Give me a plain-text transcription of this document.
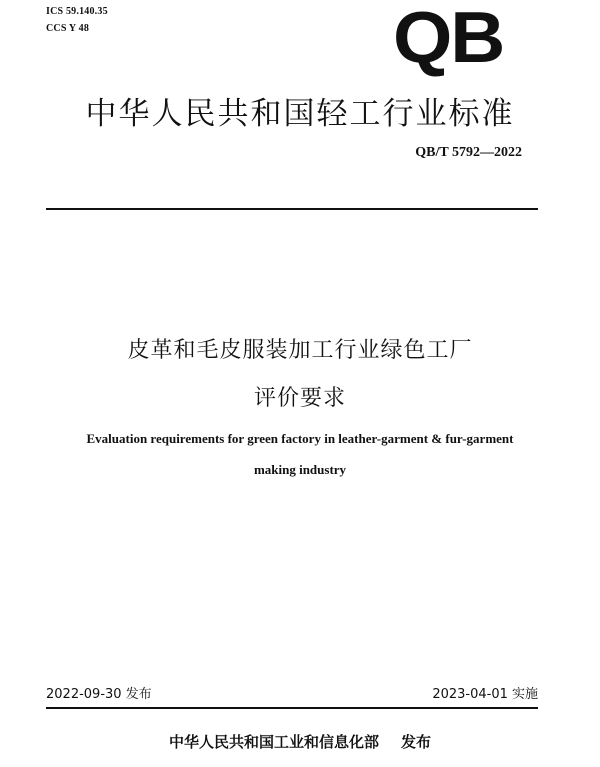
ICS 59.140.35
CCS Y 48	QB
中华人民共和国轻工行业标准
QB/T 5792—2022
皮革和毛皮服装加工行业绿色工厂
评价要求
Evaluation requirements for green factory in leather-garment & fur-garment
making industry
2022-09-30 发布	2023-04-01 实施
中华人民共和国工业和信息化部 发布
